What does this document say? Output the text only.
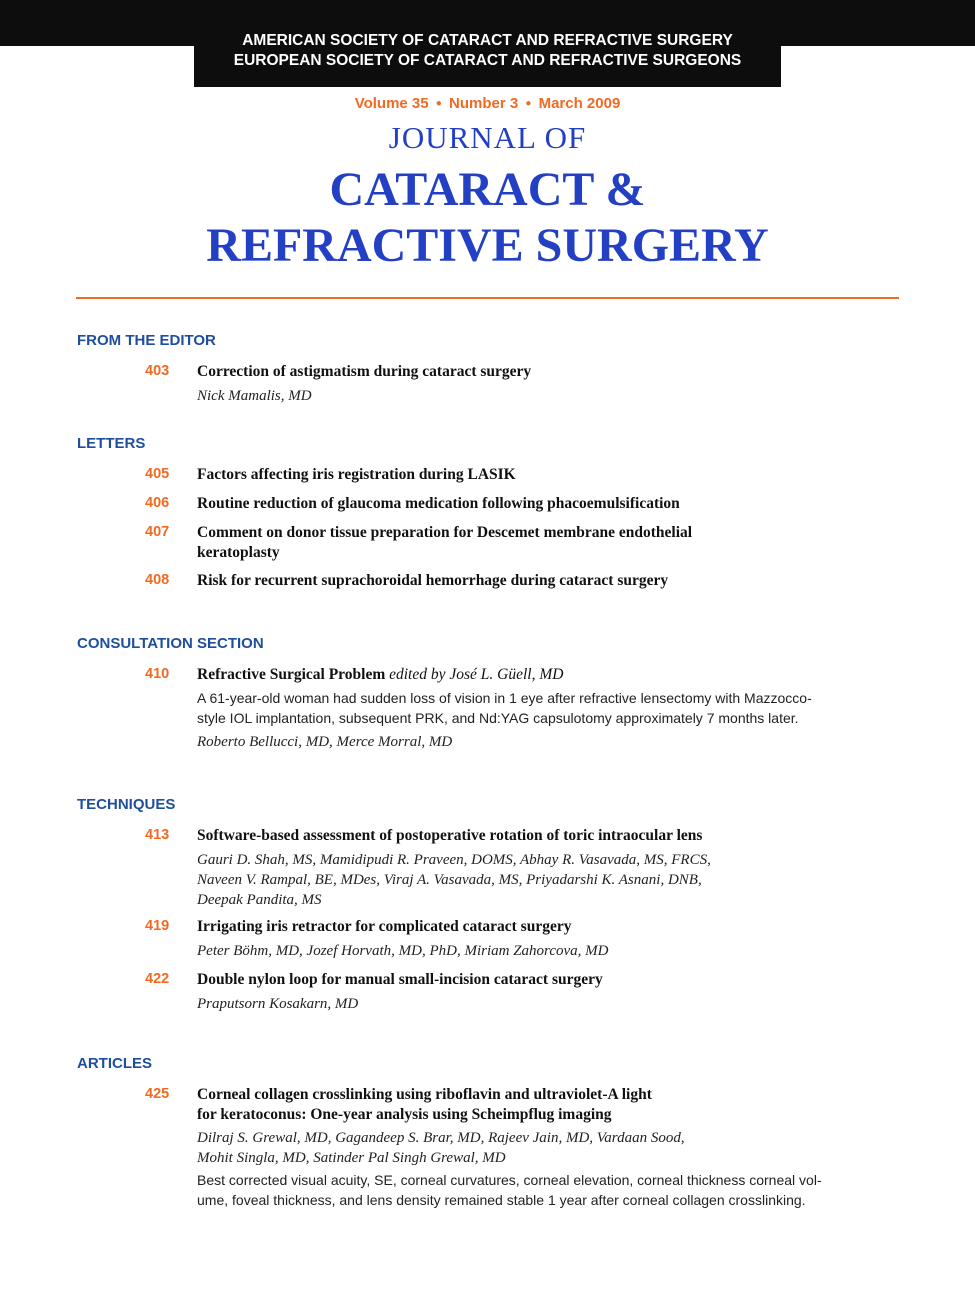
AMERICAN SOCIETY OF CATARACT AND REFRACTIVE SURGERY
EUROPEAN SOCIETY OF CATARACT AND REFRACTIVE SURGEONS
Volume 35 ● Number 3 ● March 2009
JOURNAL OF
CATARACT &
REFRACTIVE SURGERY
FROM THE EDITOR
403	Correction of astigmatism during cataract surgery
Nick Mamalis, MD
LETTERS
405	Factors affecting iris registration during LASIK
406	Routine reduction of glaucoma medication following phacoemulsification
407	Comment on donor tissue preparation for Descemet membrane endothelial
keratoplasty
408	Risk for recurrent suprachoroidal hemorrhage during cataract surgery
CONSULTATION SECTION
410	Refractive Surgical Problem edited by José L. Güell, MD
A 61-year-old woman had sudden loss of vision in 1 eye after refractive lensectomy with Mazzocco-
style IOL implantation, subsequent PRK, and Nd:YAG capsulotomy approximately 7 months later.
Roberto Bellucci, MD, Merce Morral, MD
TECHNIQUES
413	Software-based assessment of postoperative rotation of toric intraocular lens
Gauri D. Shah, MS, Mamidipudi R. Praveen, DOMS, Abhay R. Vasavada, MS, FRCS,
Naveen V. Rampal, BE, MDes, Viraj A. Vasavada, MS, Priyadarshi K. Asnani, DNB,
Deepak Pandita, MS
419	Irrigating iris retractor for complicated cataract surgery
Peter Böhm, MD, Jozef Horvath, MD, PhD, Miriam Zahorcova, MD
422	Double nylon loop for manual small-incision cataract surgery
Praputsorn Kosakarn, MD
ARTICLES
425	Corneal collagen crosslinking using riboflavin and ultraviolet-A light
for keratoconus: One-year analysis using Scheimpflug imaging
Dilraj S. Grewal, MD, Gagandeep S. Brar, MD, Rajeev Jain, MD, Vardaan Sood,
Mohit Singla, MD, Satinder Pal Singh Grewal, MD
Best corrected visual acuity, SE, corneal curvatures, corneal elevation, corneal thickness corneal vol-
ume, foveal thickness, and lens density remained stable 1 year after corneal collagen crosslinking.
